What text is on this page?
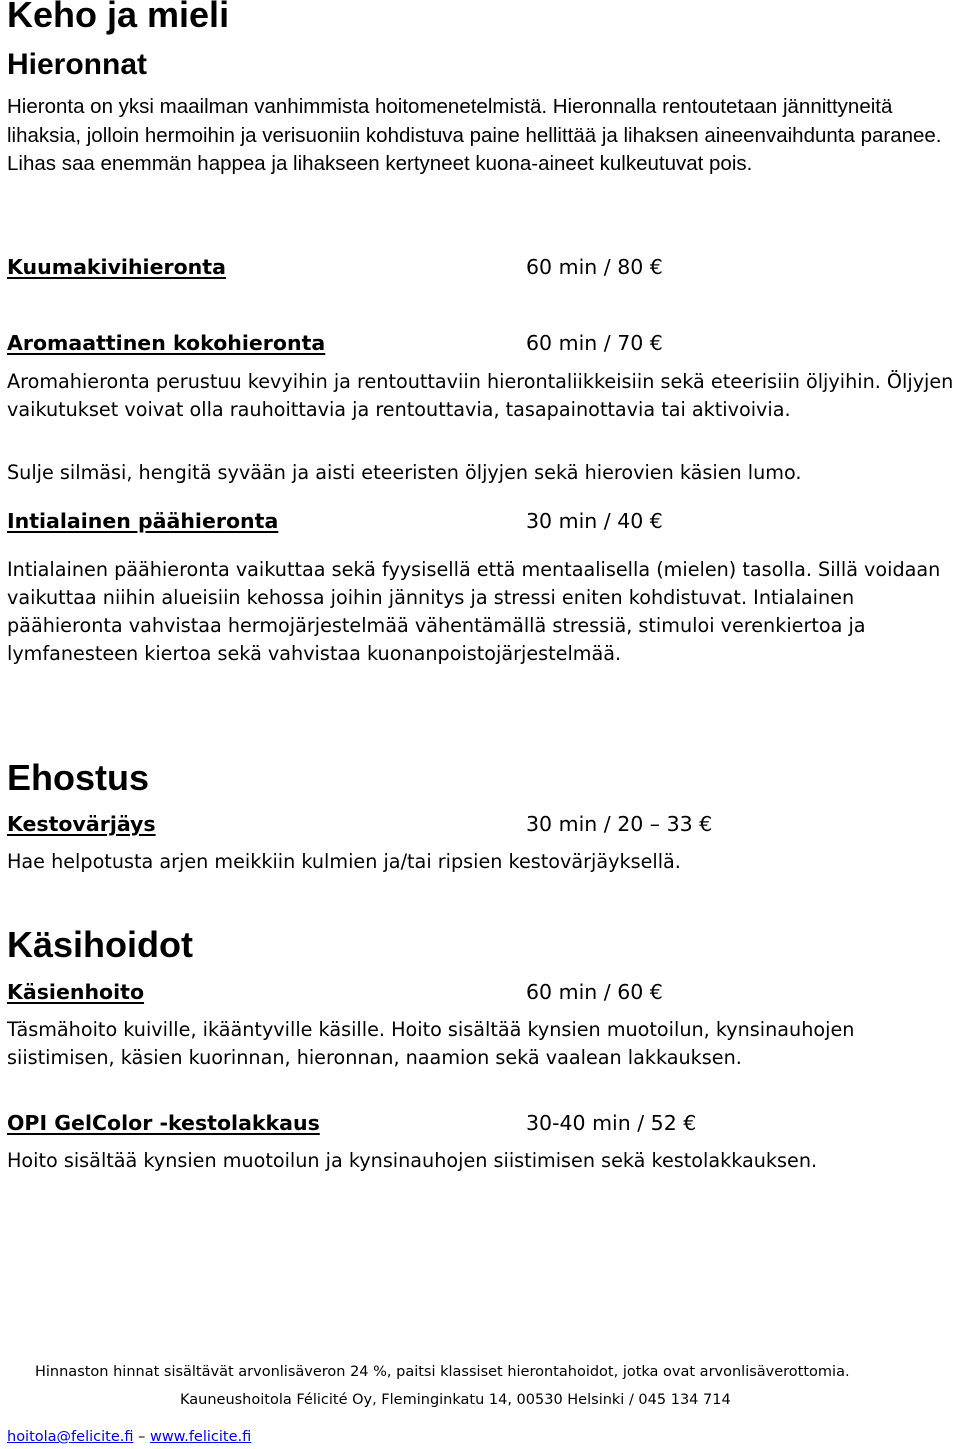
Keho ja mieli
Hieronnat

Hieronta on yksi maailman vanhimmista hoitomenetelmistä. Hieronnalla rentoutetaan jännittyneitä lihaksia, jolloin hermoihin ja verisuoniin kohdistuva paine hellittää ja lihaksen aineenvaihdunta paranee. Lihas saa enemmän happea ja lihakseen kertyneet kuona-aineet kulkeutuvat pois.

Kuumakivihieronta	60 min / 80 €
Aromaattinen kokohieronta	60 min / 70 €

Aromahieronta perustuu kevyihin ja rentouttaviin hierontaliikkeisiin sekä eteerisiin öljyihin. Öljyjen vaikutukset voivat olla rauhoittavia ja rentouttavia, tasapainottavia tai aktivoivia.

Sulje silmäsi, hengitä syvään ja aisti eteeristen öljyjen sekä hierovien käsien lumo.

Intialainen päähieronta	30 min / 40 €

Intialainen päähieronta vaikuttaa sekä fyysisellä että mentaalisella (mielen) tasolla. Sillä voidaan vaikuttaa niihin alueisiin kehossa joihin jännitys ja stressi eniten kohdistuvat. Intialainen päähieronta vahvistaa hermojärjestelmää vähentämällä stressiä, stimuloi verenkiertoa ja lymfanesteen kiertoa sekä vahvistaa kuonanpoistojärjestelmää.

Ehostus
Kestovärjäys	30 min / 20 – 33 €

Hae helpotusta arjen meikkiin kulmien ja/tai ripsien kestovärjäyksellä.

Käsihoidot
Käsienhoito	60 min / 60 €

Täsmähoito kuiville, ikääntyville käsille. Hoito sisältää kynsien muotoilun, kynsinauhojen siistimisen, käsien kuorinnan, hieronnan, naamion sekä vaalean lakkauksen.

OPI GelColor -kestolakkaus	30-40 min / 52 €

Hoito sisältää kynsien muotoilun ja kynsinauhojen siistimisen sekä kestolakkauksen.

Hinnaston hinnat sisältävät arvonlisäveron 24 %, paitsi klassiset hierontahoidot, jotka ovat arvonlisäverottomia.
Kauneushoitola Félicité Oy, Fleminginkatu 14, 00530 Helsinki / 045 134 714
hoitola@felicite.fi – www.felicite.fi
